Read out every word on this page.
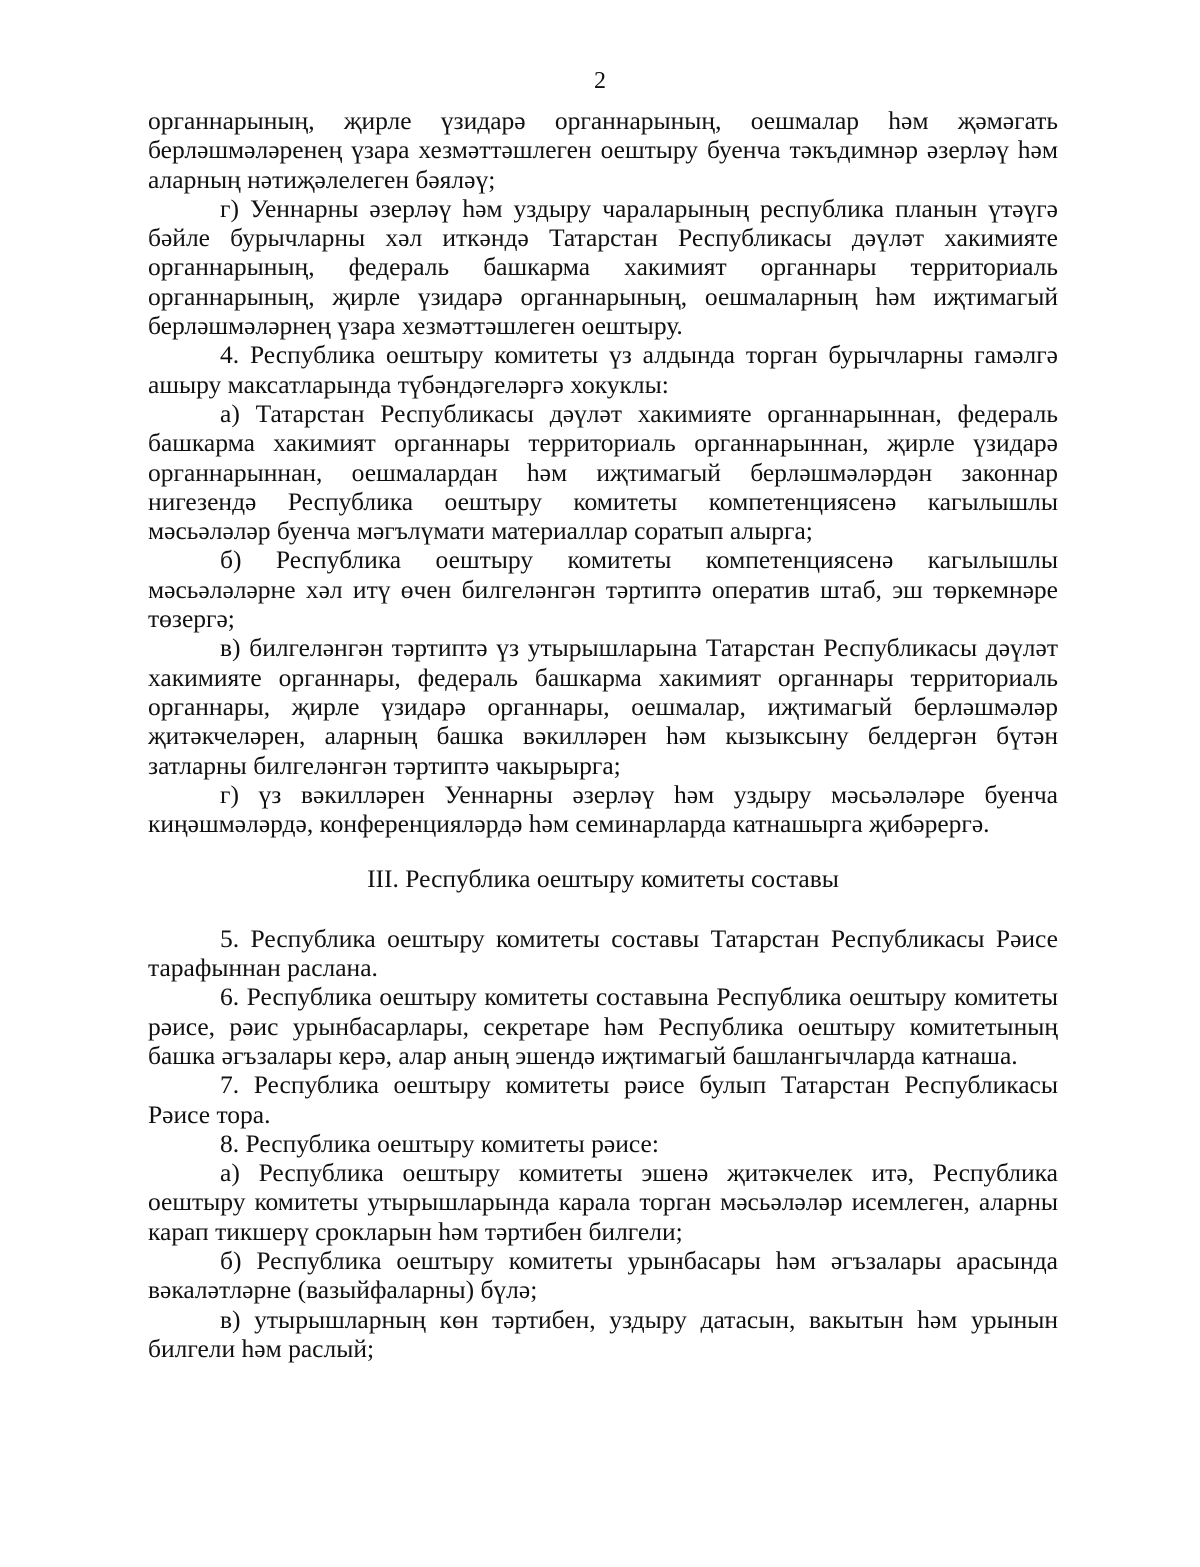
2

органнарының, җирле үзидарә органнарының, оешмалар һәм җәмәгать берләшмәләренең үзара хезмәттәшлеген оештыру буенча тәкъдимнәр әзерләү һәм аларның нәтиҗәлелеген бәяләү;

г) Уеннарны әзерләү һәм уздыру чараларының республика планын үтәүгә бәйле бурычларны хәл иткәндә Татарстан Республикасы дәүләт хакимияте органнарының, федераль башкарма хакимият органнары территориаль органнарының, җирле үзидарә органнарының, оешмаларның һәм иҗтимагый берләшмәләрнең үзара хезмәттәшлеген оештыру.

4. Республика оештыру комитеты үз алдында торган бурычларны гамәлгә ашыру максатларында түбәндәгеләргә хокуклы:

а) Татарстан Республикасы дәүләт хакимияте органнарыннан, федераль башкарма хакимият органнары территориаль органнарыннан, җирле үзидарә органнарыннан, оешмалардан һәм иҗтимагый берләшмәләрдән законнар нигезендә Республика оештыру комитеты компетенциясенә кагылышлы мәсьәләләр буенча мәгълүмати материаллар соратып алырга;

б) Республика оештыру комитеты компетенциясенә кагылышлы мәсьәләләрне хәл итү өчен билгеләнгән тәртиптә оператив штаб, эш төркемнәре төзергә;

в) билгеләнгән тәртиптә үз утырышларына Татарстан Республикасы дәүләт хакимияте органнары, федераль башкарма хакимият органнары территориаль органнары, җирле үзидарә органнары, оешмалар, иҗтимагый берләшмәләр җитәкчеләрен, аларның башка вәкилләрен һәм кызыксыну белдергән бүтән затларны билгеләнгән тәртиптә чакырырга;

г) үз вәкилләрен Уеннарны әзерләү һәм уздыру мәсьәләләре буенча киңәшмәләрдә, конференцияләрдә һәм семинарларда катнашырга җибәрергә.

III. Республика оештыру комитеты составы

5. Республика оештыру комитеты составы Татарстан Республикасы Рәисе тарафыннан раслана.

6. Республика оештыру комитеты составына Республика оештыру комитеты рәисе, рәис урынбасарлары, секретаре һәм Республика оештыру комитетының башка әгъзалары керә, алар аның эшендә иҗтимагый башлангычларда катнаша.

7. Республика оештыру комитеты рәисе булып Татарстан Республикасы Рәисе тора.

8. Республика оештыру комитеты рәисе:

а) Республика оештыру комитеты эшенә җитәкчелек итә, Республика оештыру комитеты утырышларында карала торган мәсьәләләр исемлеген, аларны карап тикшерү срокларын һәм тәртибен билгели;

б) Республика оештыру комитеты урынбасары һәм әгъзалары арасында вәкаләтләрне (вазыйфаларны) бүлә;

в) утырышларның көн тәртибен, уздыру датасын, вакытын һәм урынын билгели һәм раслый;
